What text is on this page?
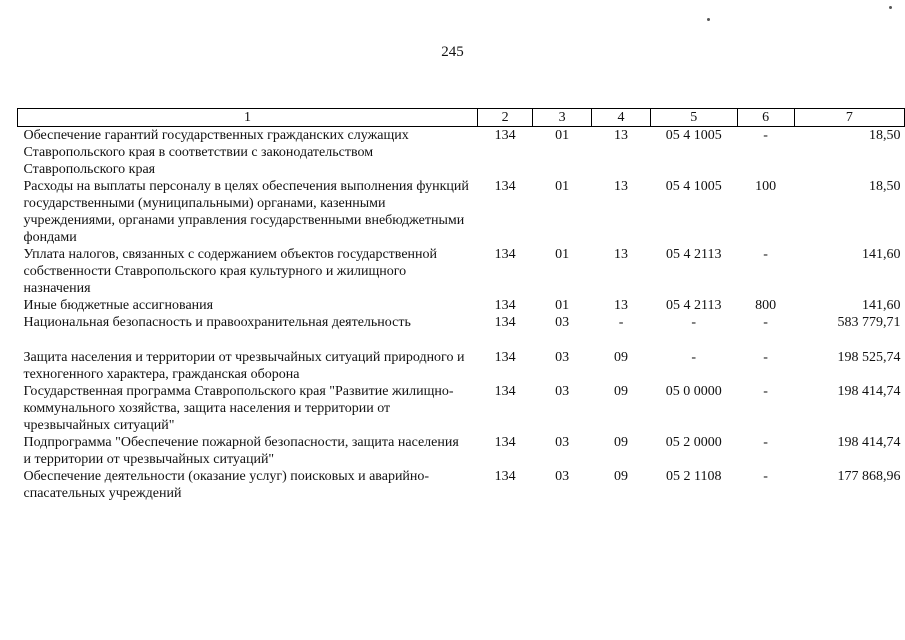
245
1	2	3	4	5	6	7
Обеспечение гарантий государственных гражданских служащих Ставропольского края в соответствии с законодательством Ставропольского края	134	01	13	05 4 1005	-	18,50
Расходы на выплаты персоналу в целях обеспечения выполнения функций государственными (муниципальными) органами, казенными учреждениями, органами управления государственными внебюджетными фондами	134	01	13	05 4 1005	100	18,50
Уплата налогов, связанных с содержанием объектов государственной собственности Ставропольского края культурного и жилищного назначения	134	01	13	05 4 2113	-	141,60
Иные бюджетные ассигнования	134	01	13	05 4 2113	800	141,60
Национальная безопасность и правоохранительная деятельность	134	03	-	-	-	583 779,71

Защита населения и территории от чрезвычайных ситуаций природного и техногенного характера, гражданская оборона	134	03	09	-	-	198 525,74
Государственная программа Ставропольского края "Развитие жилищно-коммунального хозяйства, защита населения и территории от чрезвычайных ситуаций"	134	03	09	05 0 0000	-	198 414,74
Подпрограмма "Обеспечение пожарной безопасности, защита населения и территории от чрезвычайных ситуаций"	134	03	09	05 2 0000	-	198 414,74
Обеспечение деятельности (оказание услуг) поисковых и аварийно-спасательных учреждений	134	03	09	05 2 1108	-	177 868,96
